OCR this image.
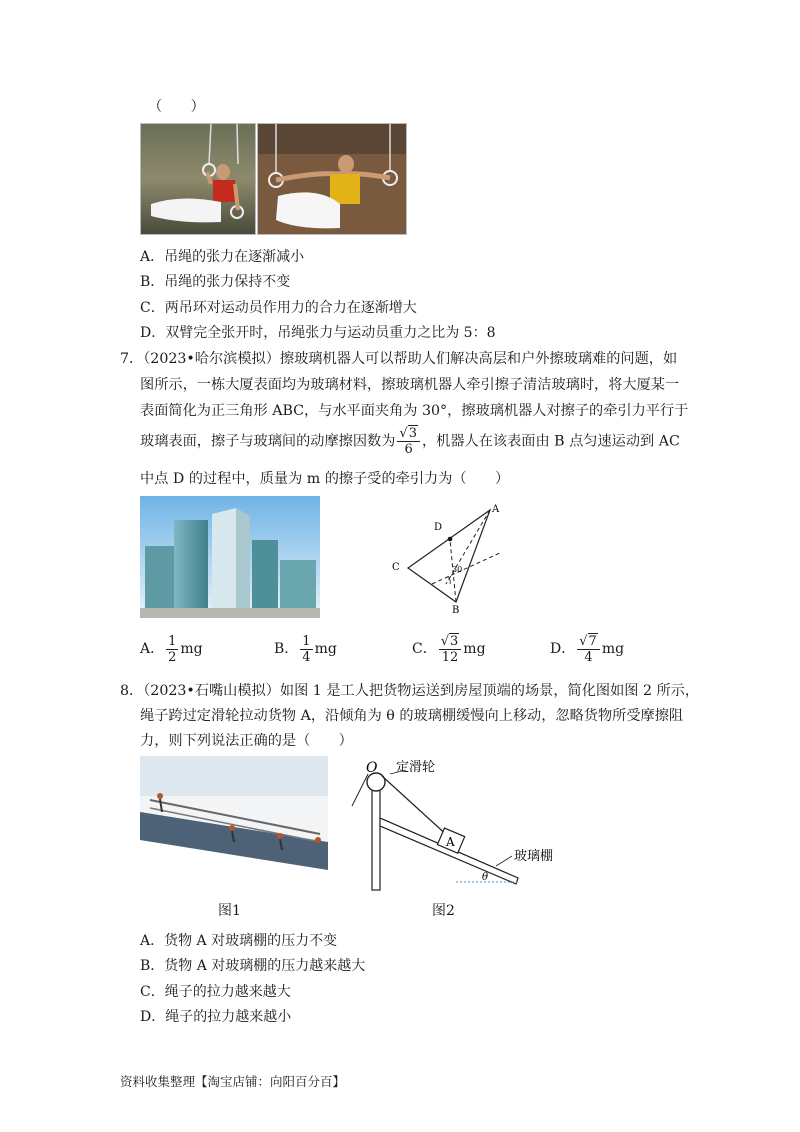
（　　）
A．吊绳的张力在逐渐减小
B．吊绳的张力保持不变
C．两吊环对运动员作用力的合力在逐渐增大
D．双臂完全张开时，吊绳张力与运动员重力之比为 5：8
7．（2023•哈尔滨模拟）擦玻璃机器人可以帮助人们解决高层和户外擦玻璃难的问题，如
图所示，一栋大厦表面均为玻璃材料，擦玻璃机器人牵引擦子清洁玻璃时，将大厦某一
表面简化为正三角形 ABC，与水平面夹角为 30°，擦玻璃机器人对擦子的牵引力平行于
玻璃表面，擦子与玻璃间的动摩擦因数为 $\frac{√3}{6}$ ，机器人在该表面由 B 点匀速运动到 AC
中点 D 的过程中，质量为 m 的擦子受的牵引力为（　　）
A
B
C
D
30
A． $\frac{1}{2}$ mg	B． $\frac{1}{4}$ mg	C． $\frac{√3}{12}$ mg	D． $\frac{√7}{4}$ mg
8．（2023•石嘴山模拟）如图 1 是工人把货物运送到房屋顶端的场景，简化图如图 2 所示，
绳子跨过定滑轮拉动货物 A，沿倾角为 θ 的玻璃棚缓慢向上移动，忽略货物所受摩擦阻
力，则下列说法正确的是（　　）
图1
O 定滑轮
A
玻璃棚
θ
图2
A．货物 A 对玻璃棚的压力不变
B．货物 A 对玻璃棚的压力越来越大
C．绳子的拉力越来越大
D．绳子的拉力越来越小
资料收集整理【淘宝店铺：向阳百分百】
